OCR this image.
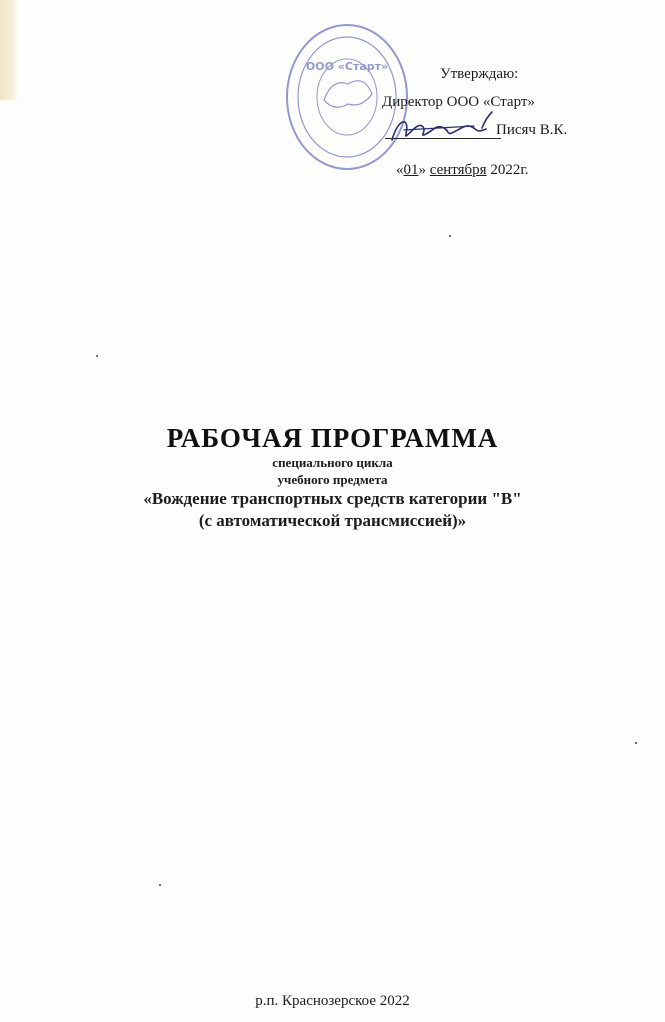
ООО «Старт»	Утверждаю:
Директор ООО «Старт»
Писяч В.К.
«01» сентября 2022г.
РАБОЧАЯ ПРОГРАММА

специального цикла

учебного предмета

«Вождение транспортных средств категории "В"

(с автоматической трансмиссией)»

р.п. Краснозерское 2022
